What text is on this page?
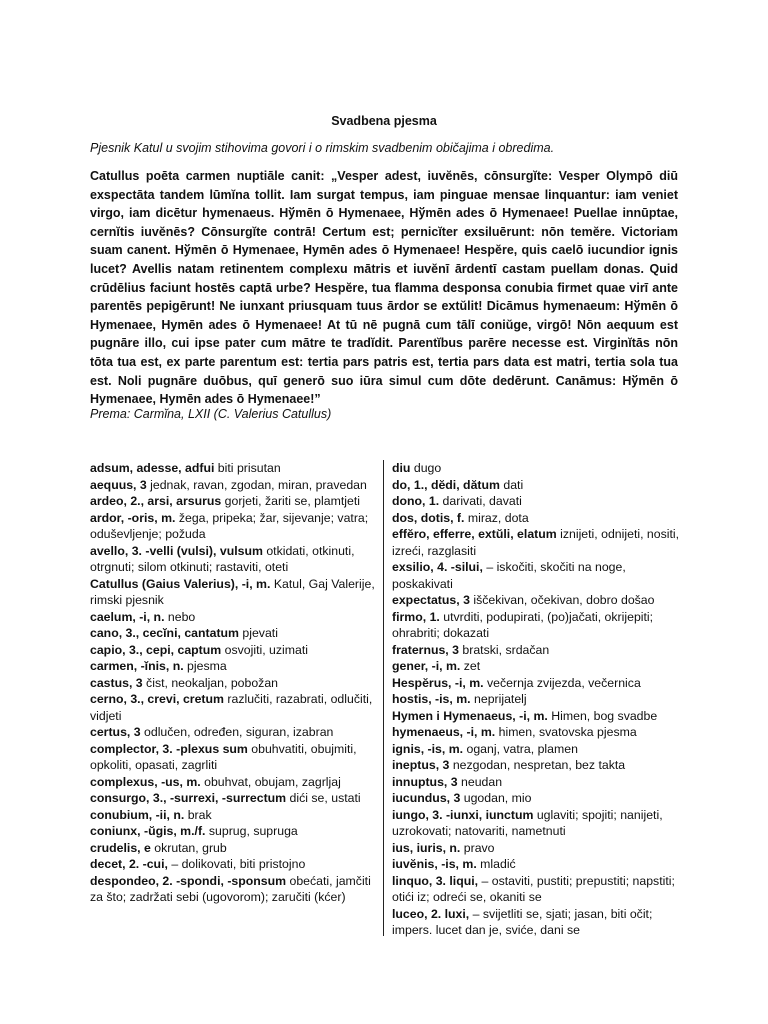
Svadbena pjesma
Pjesnik Katul u svojim stihovima govori i o rimskim svadbenim običajima i obredima.
Catullus poēta carmen nuptiāle canit: „Vesper adest, iuvĕnēs, cōnsurgĭte: Vesper Olympō diū exspectāta tandem lūmĭna tollit. Iam surgat tempus, iam pinguae mensae linquantur: iam veniet virgo, iam dicētur hymenaeus. Hўmēn ō Hymenaee, Hўmēn ades ō Hymenaee! Puellae innūptae, cernĭtis iuvĕnēs? Cōnsurgĭte contrā! Certum est; pernicĭter exsiluērunt: nōn temĕre. Victoriam suam canent. Hўmēn ō Hymenaee, Hymēn ades ō Hymenaee! Hespĕre, quis caelō iucundior ignis lucet? Avellis natam retinentem complexu mātris et iuvĕnī ārdentī castam puellam donas. Quid crūdēlius faciunt hostēs captā urbe? Hespĕre, tua flamma desponsa conubia firmet quae virī ante parentēs pepigērunt! Ne iunxant priusquam tuus ārdor se extŭlit! Dicāmus hymenaeum: Hўmēn ō Hymenaee, Hymēn ades ō Hymenaee! At tū nē pugnā cum tālī coniŭge, virgō! Nōn aequum est pugnāre illo, cui ipse pater cum mātre te tradĭdit. Parentĭbus parēre necesse est. Virginĭtās nōn tōta tua est, ex parte parentum est: tertia pars patris est, tertia pars data est matri, tertia sola tua est. Noli pugnāre duōbus, quī generō suo iūra simul cum dōte dedērunt. Canāmus: Hўmēn ō Hymenaee, Hymēn ades ō Hymenaee!”
Prema: Carmĭna, LXII (C. Valerius Catullus)

adsum, adesse, adfui biti prisutan

aequus, 3 jednak, ravan, zgodan, miran, pravedan

ardeo, 2., arsi, arsurus gorjeti, žariti se, plamtjeti

ardor, -oris, m. žega, pripeka; žar, sijevanje; vatra; oduševljenje; požuda

avello, 3. -velli (vulsi), vulsum otkidati, otkinuti, otrgnuti; silom otkinuti; rastaviti, oteti

Catullus (Gaius Valerius), -i, m. Katul, Gaj Valerije, rimski pjesnik

caelum, -i, n. nebo

cano, 3., cecĭni, cantatum pjevati

capio, 3., cepi, captum osvojiti, uzimati

carmen, -ĭnis, n. pjesma

castus, 3 čist, neokaljan, pobožan

cerno, 3., crevi, cretum razlučiti, razabrati, odlučiti, vidjeti

certus, 3 odlučen, određen, siguran, izabran

complector, 3. -plexus sum obuhvatiti, obujmiti, opkoliti, opasati, zagrliti

complexus, -us, m. obuhvat, obujam, zagrljaj

consurgo, 3., -surrexi, -surrectum dići se, ustati

conubium, -ii, n. brak

coniunx, -ŭgis, m./f. suprug, supruga

crudelis, e okrutan, grub

decet, 2. -cui, – dolikovati, biti pristojno

despondeo, 2. -spondi, -sponsum obećati, jamčiti za što; zadržati sebi (ugovorom); zaručiti (kćer)

diu dugo

do, 1., dĕdi, dătum dati

dono, 1. darivati, davati

dos, dotis, f. miraz, dota

effĕro, efferre, extŭli, elatum iznijeti, odnijeti, nositi, izreći, razglasiti

exsilio, 4. -silui, – iskočiti, skočiti na noge, poskakivati

expectatus, 3 iščekivan, očekivan, dobro došao

firmo, 1. utvrditi, podupirati, (po)jačati, okrijepiti; ohrabriti; dokazati

fraternus, 3 bratski, srdačan

gener, -i, m. zet

Hespĕrus, -i, m. večernja zvijezda, večernica

hostis, -is, m. neprijatelj

Hymen i Hymenaeus, -i, m. Himen, bog svadbe

hymenaeus, -i, m. himen, svatovska pjesma

ignis, -is, m. oganj, vatra, plamen

ineptus, 3 nezgodan, nespretan, bez takta

innuptus, 3 neudan

iucundus, 3 ugodan, mio

iungo, 3. -iunxi, iunctum uglaviti; spojiti; nanijeti, uzrokovati; natovariti, nametnuti

ius, iuris, n. pravo

iuvĕnis, -is, m. mladić

linquo, 3. liqui, – ostaviti, pustiti; prepustiti; napstiti; otići iz; odreći se, okaniti se

luceo, 2. luxi, – svijetliti se, sjati; jasan, biti očit; impers. lucet dan je, sviće, dani se
